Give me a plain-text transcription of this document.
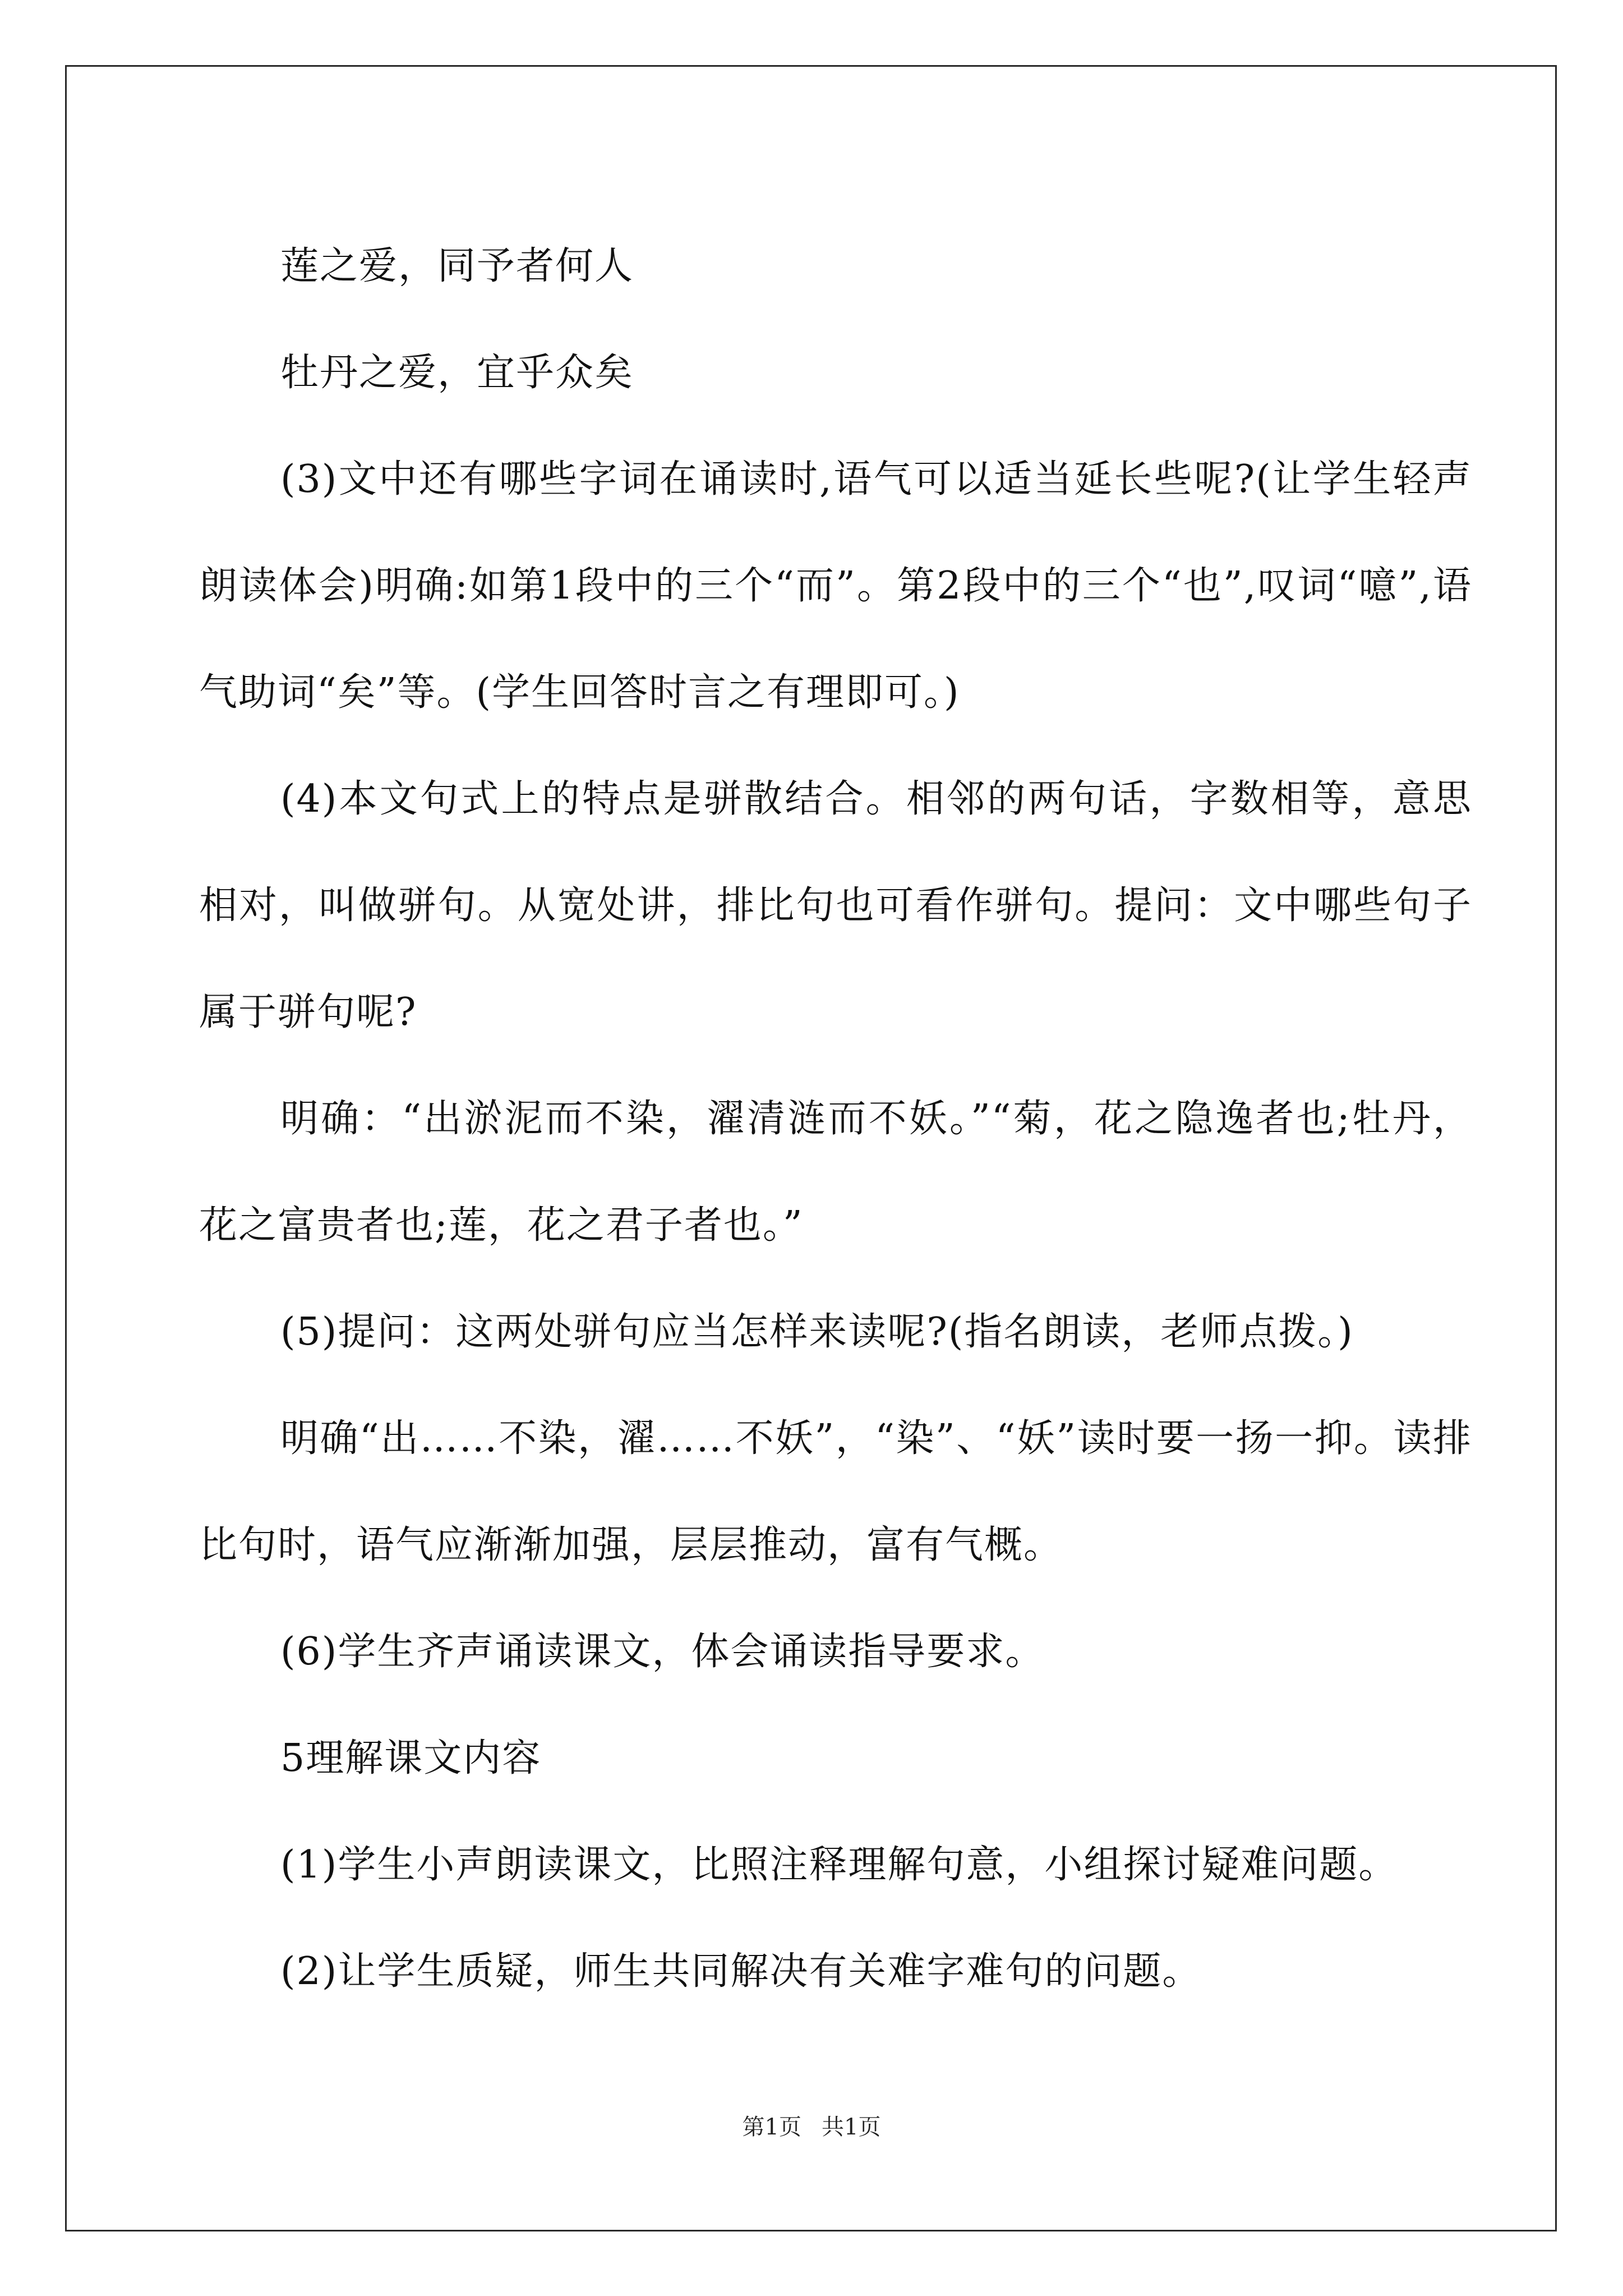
莲之爱，同予者何人

牡丹之爱，宜乎众矣

(3)文中还有哪些字词在诵读时,语气可以适当延长些呢?(让学生轻声朗读体会)明确:如第1段中的三个“而”。第2段中的三个“也”,叹词“噫”,语气助词“矣”等。(学生回答时言之有理即可。)

(4)本文句式上的特点是骈散结合。相邻的两句话，字数相等，意思相对，叫做骈句。从宽处讲，排比句也可看作骈句。提问：文中哪些句子属于骈句呢?

明确：“出淤泥而不染，濯清涟而不妖。”“菊，花之隐逸者也;牡丹，花之富贵者也;莲，花之君子者也。”

(5)提问：这两处骈句应当怎样来读呢?(指名朗读，老师点拨。)

明确“出……不染，濯……不妖”，“染”、“妖”读时要一扬一抑。读排比句时，语气应渐渐加强，层层推动，富有气概。

(6)学生齐声诵读课文，体会诵读指导要求。

5理解课文内容

(1)学生小声朗读课文，比照注释理解句意，小组探讨疑难问题。

(2)让学生质疑，师生共同解决有关难字难句的问题。

第1页 共1页
